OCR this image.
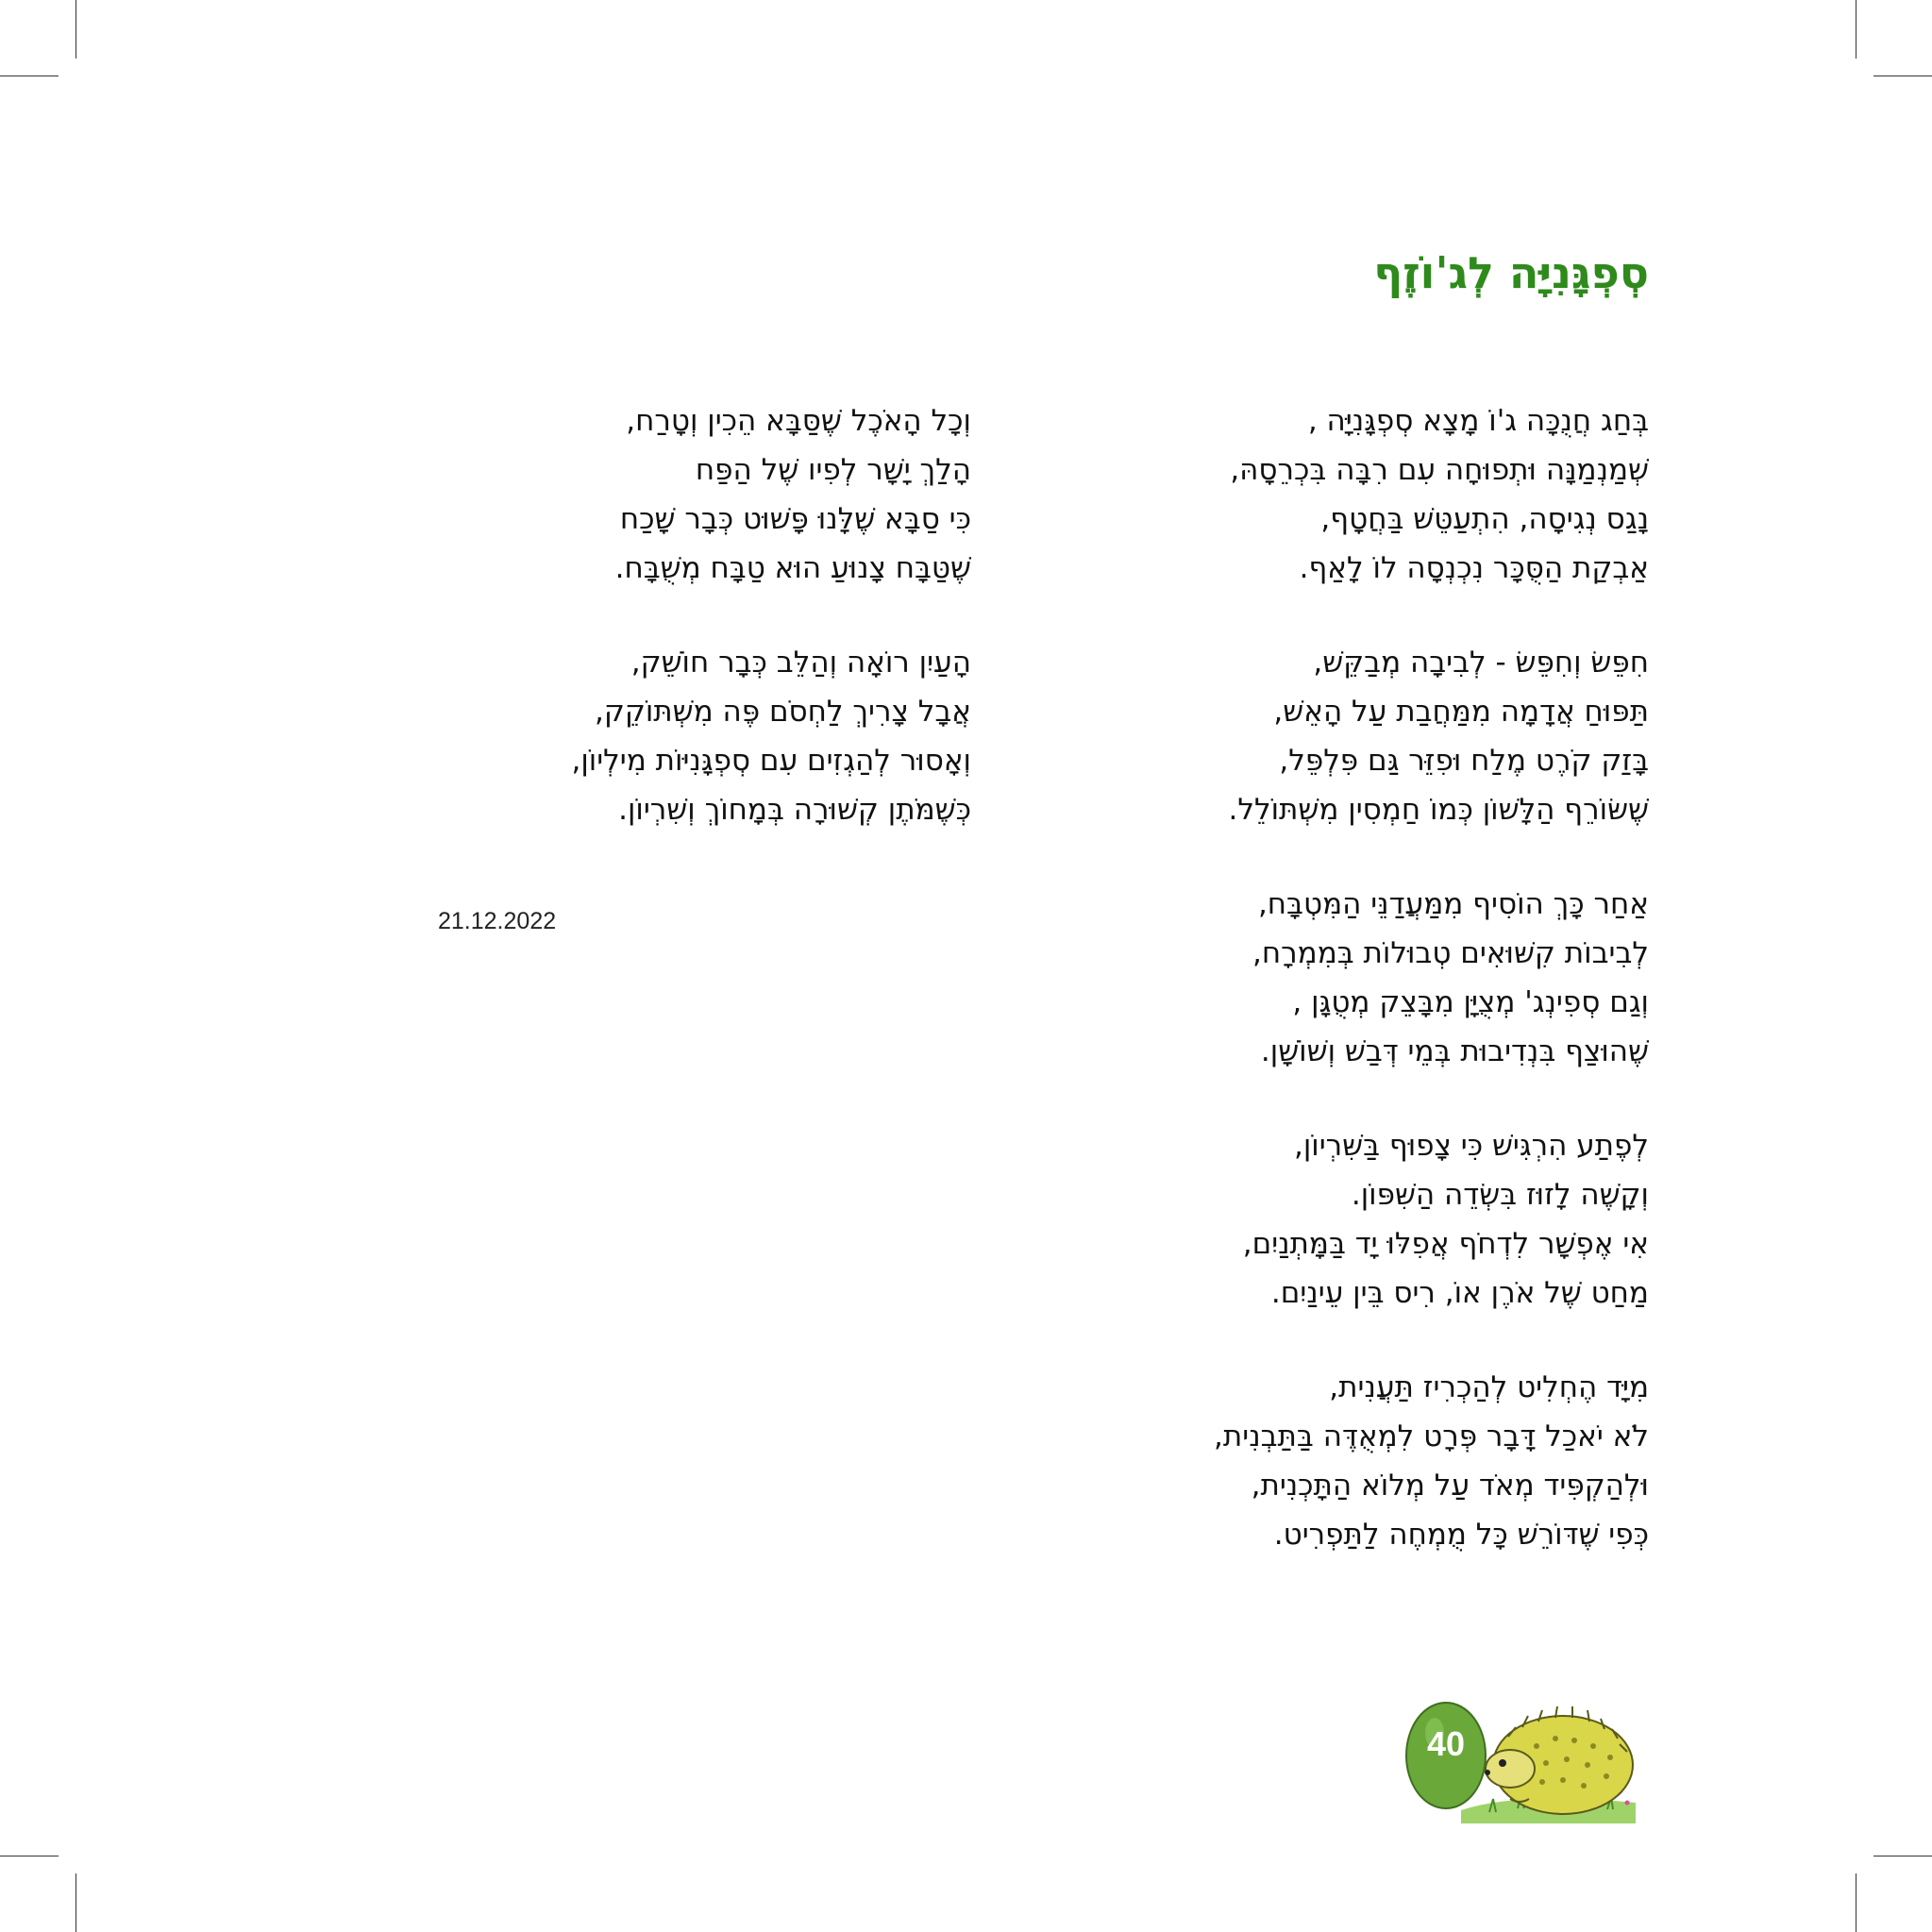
סְפְגָּנִיָּה לְג'וֹזֶף
בְּחַג חֲנֻכָּה ג'וֹ מָצָא סְפְגָּנִיָּה ,
שְׁמַנְמַנָּה וּתְפוּחָה עִם רִבָּה בִּכְרֵסָהּ,
נָגַס נְגִיסָה, הִתְעַטֵּשׁ בַּחֲטָף,
אַבְקַת הַסֻּכָּר נִכְנְסָה לוֹ לָאַף.
חִפֵּשׂ וְחִפֵּשׂ - לְבִיבָה מְבַקֵּשׁ,
תַּפּוּחַ אֲדָמָה מִמַּחֲבַת עַל הָאֵשׁ,
בָּזַק קֹרֶט מֶלַח וּפִזֵּר גַּם פִּלְפֵּל,
שֶׁשּׂוֹרֵף הַלָּשׁוֹן כְּמוֹ חַמְסִין מִשְׁתּוֹלֵל.
אַחַר כָּךְ הוֹסִיף מִמַּעֲדַנֵּי הַמִּטְבָּח,
לְבִיבוֹת קִשּׁוּאִים טְבוּלוֹת בְּמִמְרָח,
וְגַם סְפִינְג' מְצֻיָּן מִבָּצֵק מְטֻגָּן ,
שֶׁהוּצַף בִּנְדִיבוּת בְּמֵי דְּבַשׁ וְשׁוֹשָׁן.
לְפֶתַע הִרְגִּישׁ כִּי צָפוּף בַּשִּׁרְיוֹן,
וְקָשֶׁה לָזוּז בִּשְׂדֵה הַשִּׁפּוֹן.
אִי אֶפְשָׁר לִדְחֹף אֲפִלּוּ יָד בַּמָּתְנַיִם,
מַחַט שֶׁל אֹרֶן אוֹ, רִיס בֵּין עֵינַיִם.
מִיָּד הֶחְלִיט לְהַכְרִיז תַּעֲנִית,
לֹא יֹאכַל דָּבָר פְּרָט לִמְאֻדֶּה בַּתַּבְנִית,
וּלְהַקְפִּיד מְאֹד עַל מְלוֹא הַתָּכְנִית,
כְּפִי שֶׁדּוֹרֵשׁ כָּל מֻמְחֶה לַתַּפְרִיט.
וְכָל הָאֹכֶל שֶׁסַּבָּא הֵכִין וְטָרַח,
הָלַךְ יָשָׁר לְפִיו שֶׁל הַפַּח
כִּי סַבָּא שֶׁלָּנוּ פָּשׁוּט כְּבָר שָׁכַח
שֶׁטַּבָּח צָנוּעַ הוּא טַבָּח מְשֻׁבָּח.
הָעַיִן רוֹאָה וְהַלֵּב כְּבָר חוֹשֵׁק,
אֲבָל צָרִיךְ לַחְסֹם פֶּה מִשְׁתּוֹקֵק,
וְאָסוּר לְהַגְזִים עִם סְפְגָּנִיּוֹת מִילְיוֹן,
כְּשֶׁמֹּתֶן קְשׁוּרָה בְּמָחוֹךְ וְשִׁרְיוֹן.
21.12.2022
40
